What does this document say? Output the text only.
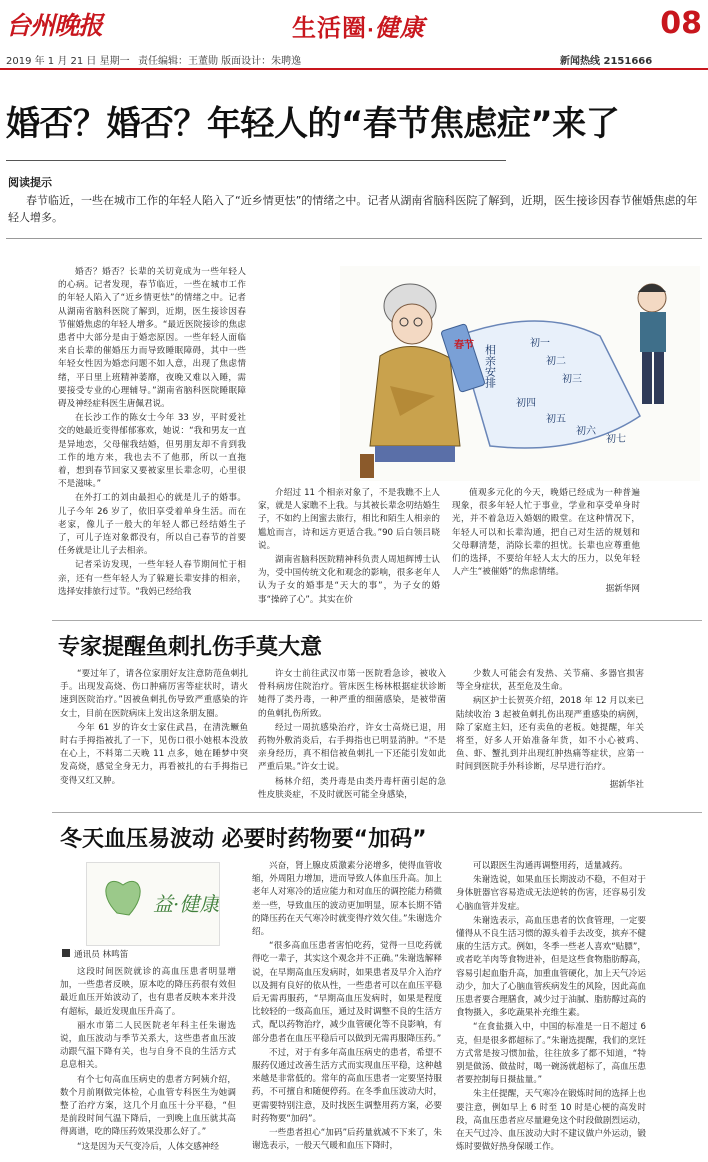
台州晚报	生活圈·健康	08
2019 年 1 月 21 日 星期一 责任编辑：王董勋 版面设计：朱聘逸	新闻热线 2151666
婚否？婚否？年轻人的“春节焦虑症”来了
阅读提示
春节临近，一些在城市工作的年轻人陷入了“近乡情更怯”的情绪之中。记者从湖南省脑科医院了解到，近期，医生接诊因春节催婚焦虑的年轻人增多。

婚否？婚否？长辈的关切竟成为一些年轻人的心病。记者发现，春节临近，一些在城市工作的年轻人陷入了“近乡情更怯”的情绪之中。记者从湖南省脑科医院了解到，近期，医生接诊因春节催婚焦虑的年轻人增多。“最近医院接诊的焦虑患者中大部分是由于婚恋原因。一些年轻人面临来自长辈的催婚压力而导致睡眠障碍，其中一些年轻女性因为婚恋问题不如人意，出现了焦虑情绪，平日里上班精神萎靡，夜晚又难以入睡，需要接受专业的心理辅导。”湖南省脑科医院睡眠障碍及神经症科医生唐佩君说。

在长沙工作的陈女士今年 33 岁，平时爱社交的她最近变得郁郁寡欢，她说：“我和男友一直是异地恋，父母催我结婚，但男朋友却不肯到我工作的地方来，我也去不了他那，所以一直拖着，想到春节回家又要被家里长辈念叨，心里很不是滋味。”

在外打工的刘由最担心的就是儿子的婚事。儿子今年 26 岁了，依旧享受着单身生活。而在老家，像儿子一般大的年轻人都已经结婚生子了，可儿子连对象都没有，所以自己春节的首要任务就是让儿子去相亲。

记者采访发现，一些年轻人春节期间忙于相亲，还有一些年轻人为了躲避长辈安排的相亲，选择安排旅行过节。“我妈已经给我

春节 相亲安排
初一
初二
初三
初四
初五
初六
初七

介绍过 11 个相亲对象了，不是我瞧不上人家，就是人家瞧不上我。与其被长辈念叨结婚生子，不如约上闺蜜去旅行，相比和陌生人相亲的尴尬而言，诗和远方更适合我。”90 后白领吕晓说。

湖南省脑科医院精神科负责人周旭辉博士认为，受中国传统文化和观念的影响，很多老年人认为子女的婚事是“天大的事”，为子女的婚事“操碎了心”。其实在价

值观多元化的今天，晚婚已经成为一种普遍现象，很多年轻人忙于事业，学业和享受单身时光，并不着急迈入婚姻的殿堂。在这种情况下，年轻人可以和长辈沟通，把自己对生活的规划和父母聊清楚，消除长辈的担忧。长辈也应尊重他们的选择，不要给年轻人太大的压力，以免年轻人产生“被催婚”的焦虑情绪。

据新华网
专家提醒鱼刺扎伤手莫大意

“要过年了，请各位家朋好友注意防范鱼刺扎手。出现发高烧、伤口肿痛厉害等症状时，请火速到医院治疗。”因被鱼刺扎伤导致严重感染的许女士，目前在医院病床上发出这条朋友圈。

今年 61 岁的许女士家住武昌，在清洗鳜鱼时右手拇指被扎了一下，见伤口很小她根本没放在心上，不料第二天晚 11 点多，她在睡梦中突发高烧，感觉全身无力，再看被扎的右手拇指已变得又红又肿。

许女士前往武汉市第一医院看急诊，被收入骨科病房住院治疗。管床医生杨林根据症状诊断她得了类丹毒，一种严重的细菌感染，是被带菌的鱼刺扎伤所致。

经过一周抗感染治疗，许女士高烧已退，用药物外敷消炎后，右手拇指也已明显消肿。“不是亲身经历，真不相信被鱼刺扎一下还能引发如此严重后果。”许女士说。

杨林介绍，类丹毒是由类丹毒杆菌引起的急性皮肤炎症，不及时就医可能全身感染，

少数人可能会有发热、关节痛、多器官损害等全身症状，甚至危及生命。

病区护士长贺英介绍，2018 年 12 月以来已陆续收治 3 起被鱼刺扎伤出现严重感染的病例，除了家庭主妇，还有卖鱼的老板。她提醒，年关将至，好多人开始准备年货，如不小心被鸡、鱼、虾、蟹扎到并出现红肿热痛等症状，应第一时间到医院手外科诊断，尽早进行治疗。

据新华社
冬天血压易波动 必要时药物要“加码”
益·健康
通讯员 林鸣笛

这段时间医院就诊的高血压患者明显增加，一些患者反映，原本吃的降压药很有效但最近血压开始波动了，也有患者反映本来并没有超标，最近发现血压升高了。

丽水市第二人民医院老年科主任朱谢选说，血压波动与季节关系大，这些患者血压波动跟气温下降有关，也与自身不良的生活方式息息相关。

有个七旬高血压病史的患者方阿姨介绍，数个月前刚做完体检，心血管专科医生为她调整了治疗方案，这几个月血压十分平稳，“但是前段时间气温下降后，一到晚上血压就其高得离谱，吃的降压药效果没那么好了。”

“这是因为天气变冷后，人体交感神经

兴奋，肾上腺皮质激素分泌增多，使得血管收缩，外周阻力增加，进而导致人体血压升高。加上老年人对寒冷的适应能力和对血压的调控能力稍微差一些，导致血压的波动更加明显，原本长期不错的降压药在天气寒冷时就变得疗效欠佳。”朱谢选介绍。

“很多高血压患者害怕吃药，觉得一旦吃药就得吃一辈子，其实这个观念并不正确。”朱谢选解释说，在早期高血压发病时，如果患者及早介入治疗以及拥有良好的依从性，一些患者可以在血压平稳后无需再服药，“早期高血压发病时，如果是程度比较轻的一级高血压，通过及时调整不良的生活方式，配以药物治疗，减少血管硬化等不良影响，有部分患者在血压平稳后可以做到无需再服降压药。”

不过，对于有多年高血压病史的患者，希望不服药仅通过改善生活方式而实现血压平稳，这种越来越是非常低的。常年的高血压患者一定要坚持服药，不可擅自和随便停药。在冬季血压波动大时，更需要特别注意，及时找医生调整用药方案，必要时药物要“加码”。

一些患者担心“加码”后药量就减不下来了，朱谢选表示，一般天气暖和血压下降时，

可以跟医生沟通再调整用药，适量减药。

朱谢选说，如果血压长期波动不稳，不但对于身体脏器官容易造成无法逆转的伤害，还容易引发心脑血管并发症。

朱谢选表示，高血压患者的饮食管理，一定要懂得从不良生活习惯的源头着手去改变，摈弃不健康的生活方式。例如，冬季一些老人喜欢“贴膘”，或者吃羊肉等食物进补，但是这些食物脂肪醇高，容易引起血脂升高，加重血管硬化，加上天气冷运动少，加大了心脑血管疾病发生的风险，因此高血压患者要合理膳食，减少过于油腻、脂肪醇过高的食物摄入，多吃蔬果补充维生素。

“在食盐摄入中，中国的标准是一日不超过 6 克，但是很多都超标了。”朱谢选提醒，我们的烹饪方式常是按习惯加盐，往往放多了都不知道，“特别是做汤、做盐时，喝一碗汤就超标了，高血压患者要控制每日摄盐量。”

朱主任提醒，天气寒冷在锻炼时间的选择上也要注意，例如早上 6 时至 10 时是心梗的高发时段，高血压患者应尽量避免这个时段做剧烈运动，在天气过冷、血压波动大时不建议做户外运动，锻炼时要做好热身保暖工作。
